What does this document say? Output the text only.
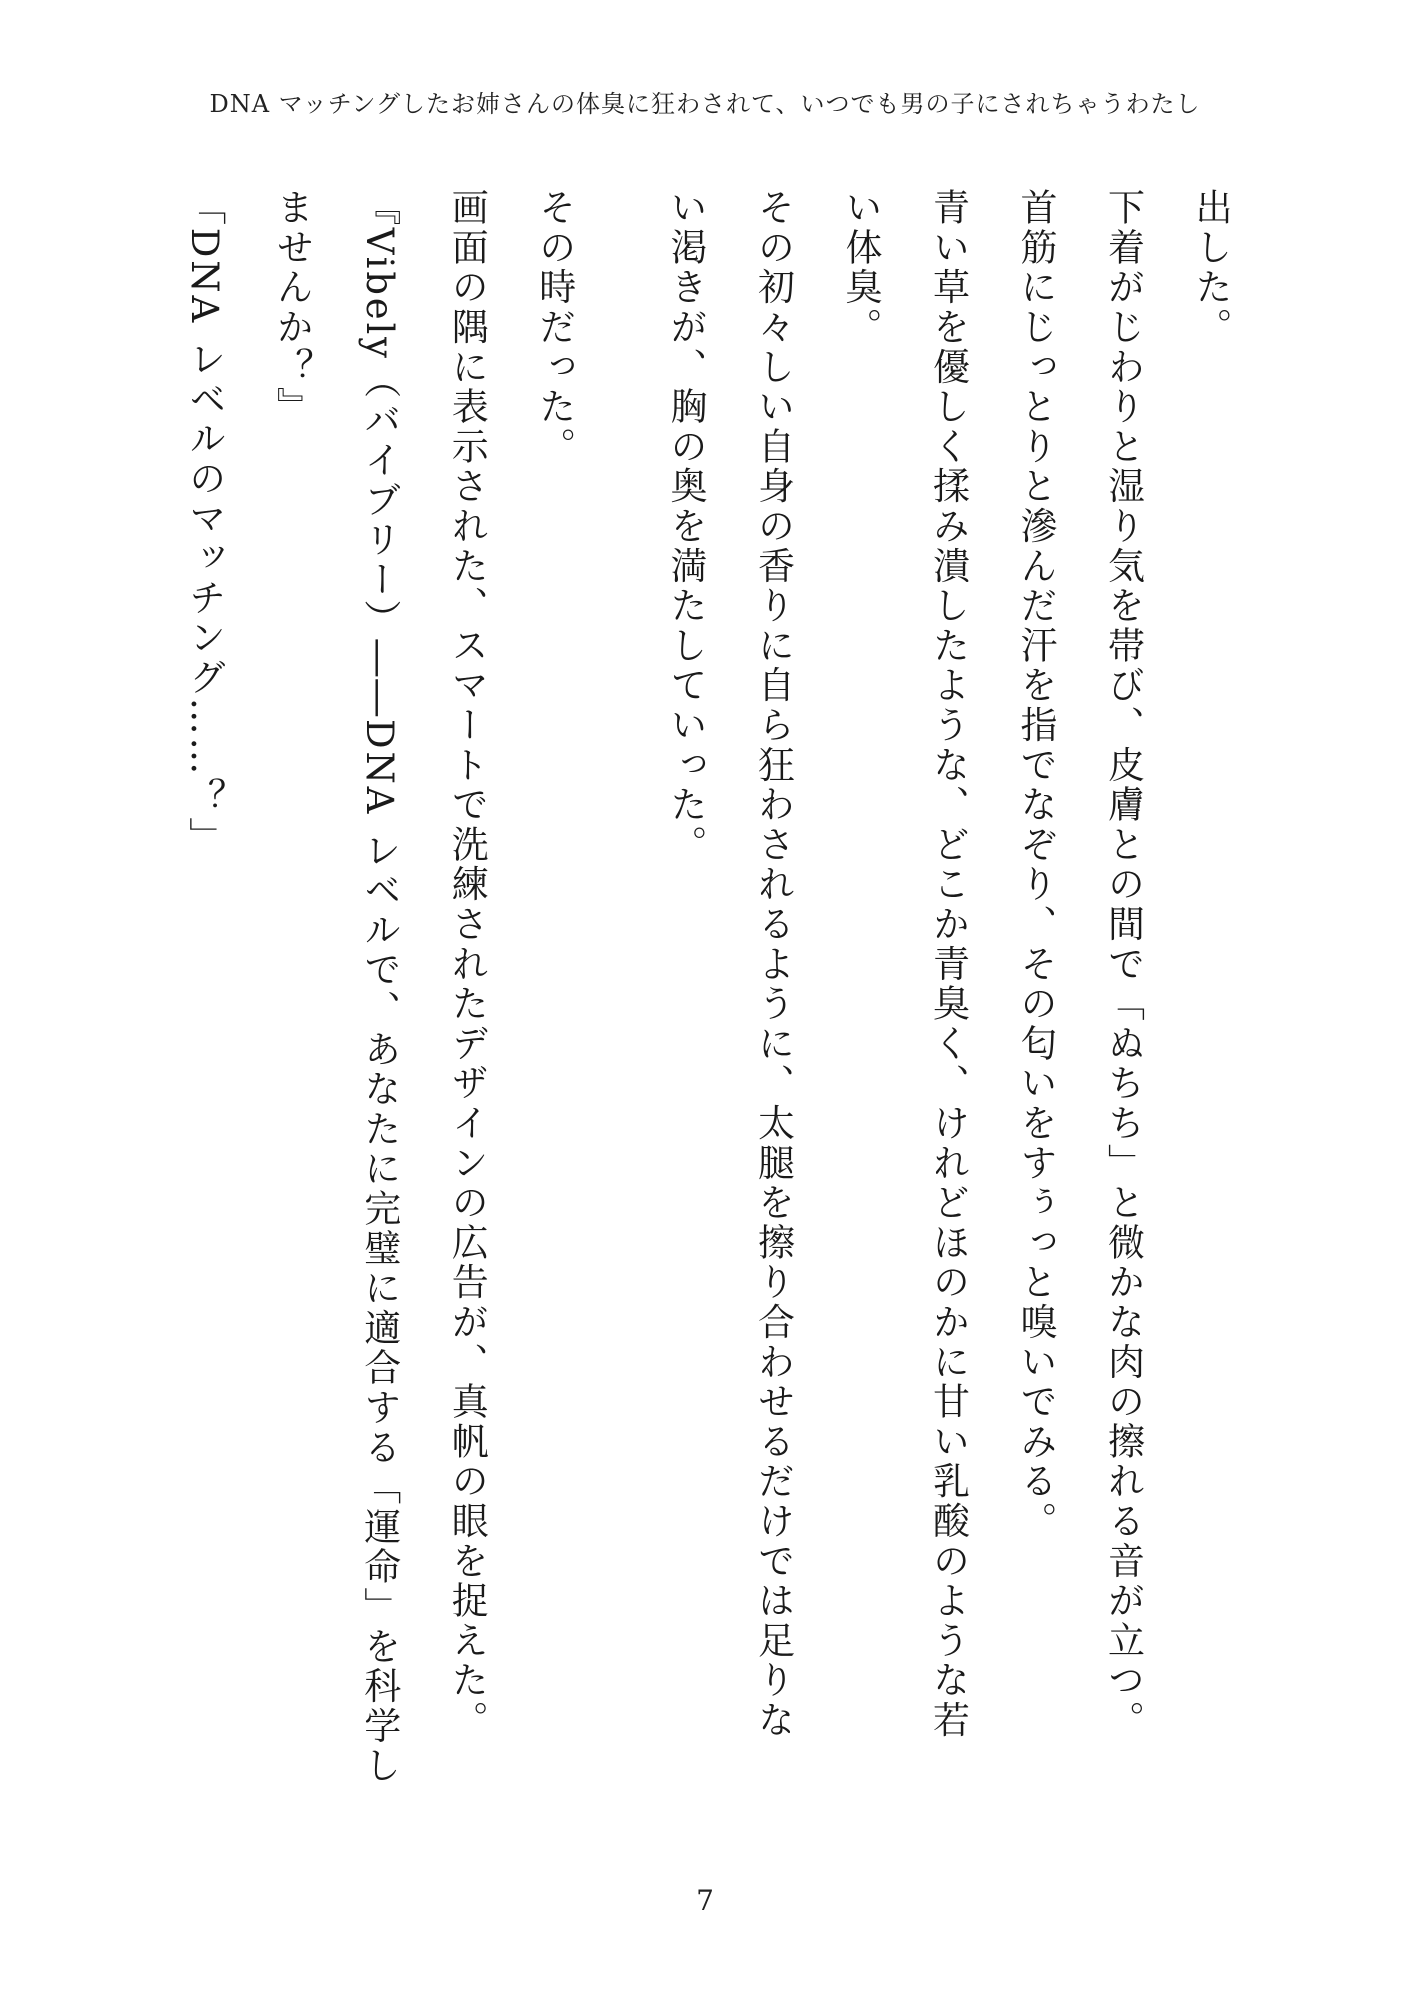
DNA マッチングしたお姉さんの体臭に狂わされて、いつでも男の子にされちゃうわたし
7
出した。
下着がじわりと湿り気を帯び、皮膚との間で「ぬちち」と微かな肉の擦れる音が立つ。
首筋にじっとりと滲んだ汗を指でなぞり、その匂いをすぅっと嗅いでみる。
青い草を優しく揉み潰したような、どこか青臭く、けれどほのかに甘い乳酸のような若
い体臭。
その初々しい自身の香りに自ら狂わされるように、太腿を擦り合わせるだけでは足りな
い渇きが、胸の奥を満たしていった。
その時だった。
画面の隅に表示された、スマートで洗練されたデザインの広告が、真帆の眼を捉えた。
『Vibely（バイブリー）――DNA レベルで、あなたに完璧に適合する「運命」を科学し
ませんか？』
「DNA レベルのマッチング……？」
